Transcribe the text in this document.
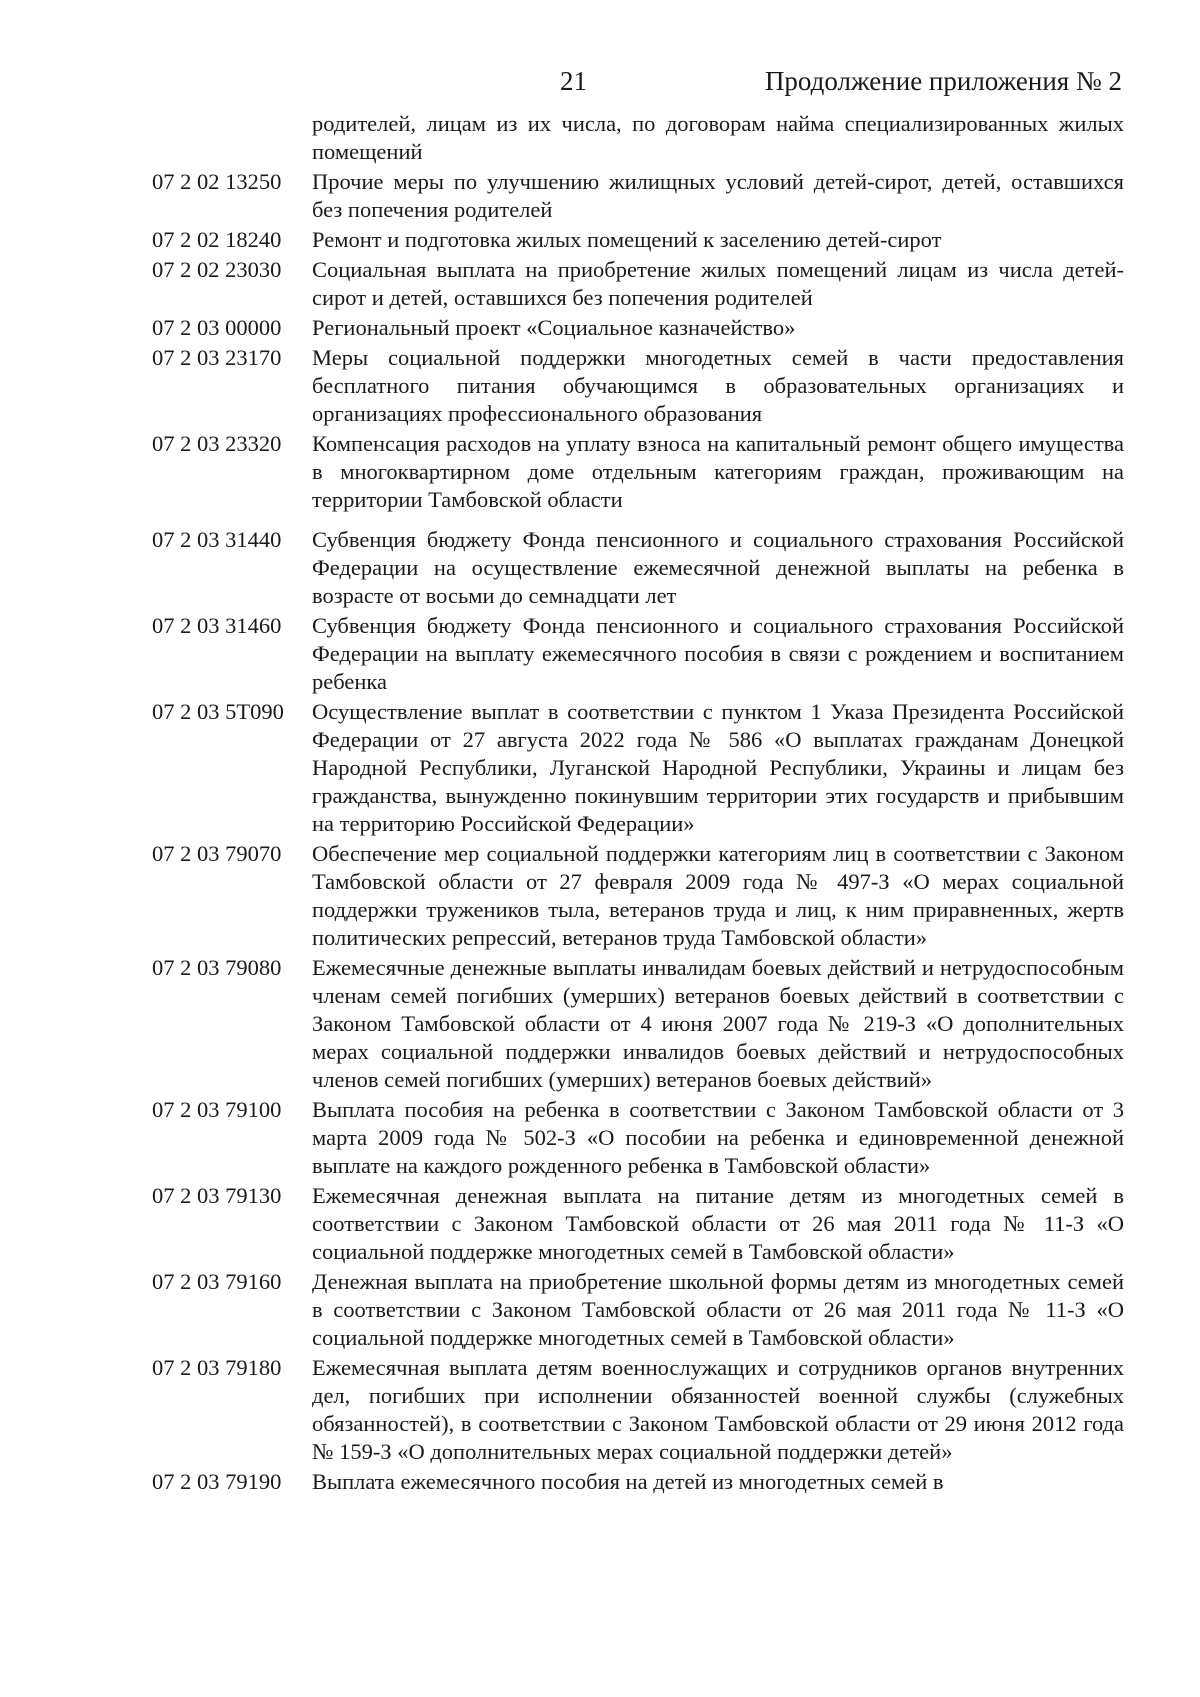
21	Продолжение приложения № 2
родителей, лицам из их числа, по договорам найма специализированных жилых помещений
07 2 02 13250	Прочие меры по улучшению жилищных условий детей-сирот, детей, оставшихся без попечения родителей
07 2 02 18240	Ремонт и подготовка жилых помещений к заселению детей-сирот
07 2 02 23030	Социальная выплата на приобретение жилых помещений лицам из числа детей-сирот и детей, оставшихся без попечения родителей
07 2 03 00000	Региональный проект «Социальное казначейство»
07 2 03 23170	Меры социальной поддержки многодетных семей в части предоставления бесплатного питания обучающимся в образовательных организациях и организациях профессионального образования
07 2 03 23320	Компенсация расходов на уплату взноса на капитальный ремонт общего имущества в многоквартирном доме отдельным категориям граждан, проживающим на территории Тамбовской области
07 2 03 31440	Субвенция бюджету Фонда пенсионного и социального страхования Российской Федерации на осуществление ежемесячной денежной выплаты на ребенка в возрасте от восьми до семнадцати лет
07 2 03 31460	Субвенция бюджету Фонда пенсионного и социального страхования Российской Федерации на выплату ежемесячного пособия в связи с рождением и воспитанием ребенка
07 2 03 5Т090	Осуществление выплат в соответствии с пунктом 1 Указа Президента Российской Федерации от 27 августа 2022 года № 586 «О выплатах гражданам Донецкой Народной Республики, Луганской Народной Республики, Украины и лицам без гражданства, вынужденно покинувшим территории этих государств и прибывшим на территорию Российской Федерации»
07 2 03 79070	Обеспечение мер социальной поддержки категориям лиц в соответствии с Законом Тамбовской области от 27 февраля 2009 года № 497-З «О мерах социальной поддержки тружеников тыла, ветеранов труда и лиц, к ним приравненных, жертв политических репрессий, ветеранов труда Тамбовской области»
07 2 03 79080	Ежемесячные денежные выплаты инвалидам боевых действий и нетрудоспособным членам семей погибших (умерших) ветеранов боевых действий в соответствии с Законом Тамбовской области от 4 июня 2007 года № 219-З «О дополнительных мерах социальной поддержки инвалидов боевых действий и нетрудоспособных членов семей погибших (умерших) ветеранов боевых действий»
07 2 03 79100	Выплата пособия на ребенка в соответствии с Законом Тамбовской области от 3 марта 2009 года № 502-З «О пособии на ребенка и единовременной денежной выплате на каждого рожденного ребенка в Тамбовской области»
07 2 03 79130	Ежемесячная денежная выплата на питание детям из многодетных семей в соответствии с Законом Тамбовской области от 26 мая 2011 года № 11-З «О социальной поддержке многодетных семей в Тамбовской области»
07 2 03 79160	Денежная выплата на приобретение школьной формы детям из многодетных семей в соответствии с Законом Тамбовской области от 26 мая 2011 года № 11-З «О социальной поддержке многодетных семей в Тамбовской области»
07 2 03 79180	Ежемесячная выплата детям военнослужащих и сотрудников органов внутренних дел, погибших при исполнении обязанностей военной службы (служебных обязанностей), в соответствии с Законом Тамбовской области от 29 июня 2012 года № 159-З «О дополнительных мерах социальной поддержки детей»
07 2 03 79190	Выплата ежемесячного пособия на детей из многодетных семей в
